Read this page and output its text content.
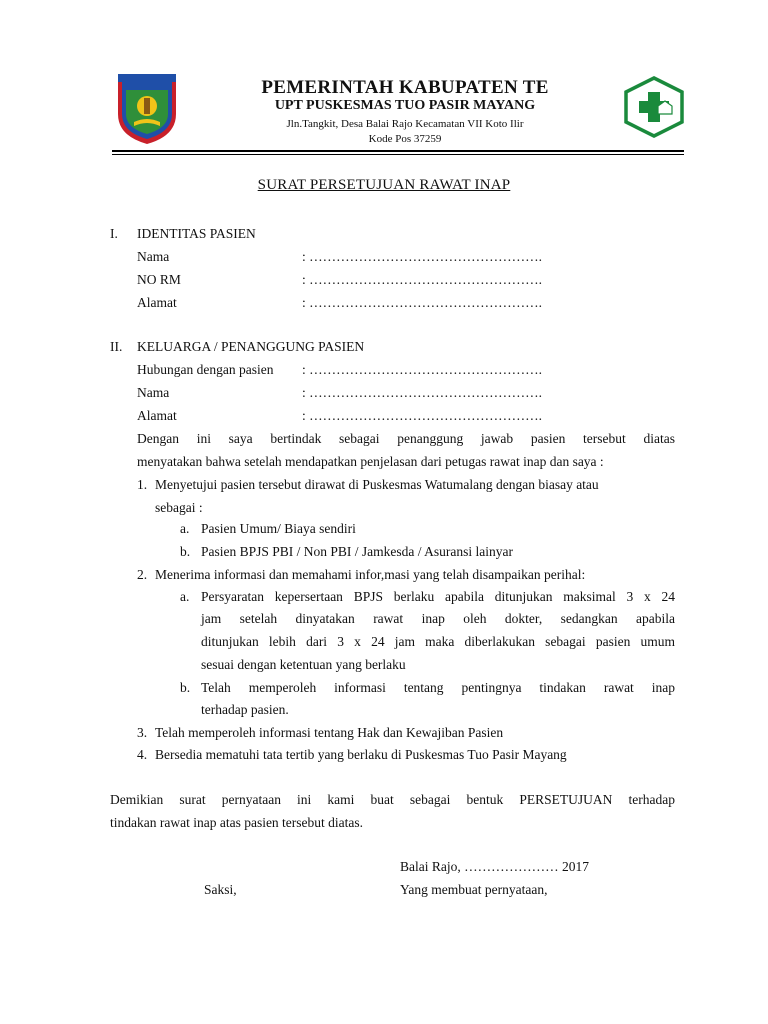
PEMERINTAH KABUPATEN TE
UPT PUSKESMAS TUO PASIR MAYANG
Jln.Tangkit, Desa Balai Rajo Kecamatan VII Koto Ilir
Kode Pos 37259
SURAT PERSETUJUAN RAWAT INAP
I. IDENTITAS PASIEN
Nama	: …………………………………………….
NO RM	: …………………………………………….
Alamat	: …………………………………………….
II. KELUARGA / PENANGGUNG PASIEN
Hubungan dengan pasien : …………………………………………….
Nama	: …………………………………………….
Alamat	: …………………………………………….
Dengan ini saya bertindak sebagai penanggung jawab pasien tersebut diatas
menyatakan bahwa setelah mendapatkan penjelasan dari petugas rawat inap dan saya :
1. Menyetujui pasien tersebut dirawat di Puskesmas Watumalang dengan biasay atau
sebagai :
a. Pasien Umum/ Biaya sendiri
b. Pasien BPJS PBI / Non PBI / Jamkesda / Asuransi lainyar
2. Menerima informasi dan memahami infor,masi yang telah disampaikan perihal:
a. Persyaratan kepersertaan BPJS berlaku apabila ditunjukan maksimal 3 x 24
jam setelah dinyatakan rawat inap oleh dokter, sedangkan apabila
ditunjukan lebih dari 3 x 24 jam maka diberlakukan sebagai pasien umum
sesuai dengan ketentuan yang berlaku
b. Telah memperoleh informasi tentang pentingnya tindakan rawat inap
terhadap pasien.
3. Telah memperoleh informasi tentang Hak dan Kewajiban Pasien
4. Bersedia mematuhi tata tertib yang berlaku di Puskesmas Tuo Pasir Mayang
Demikian surat pernyataan ini kami buat sebagai bentuk PERSETUJUAN terhadap
tindakan rawat inap atas pasien tersebut diatas.
Balai Rajo, ………………… 2017
Saksi,	Yang membuat pernyataan,
